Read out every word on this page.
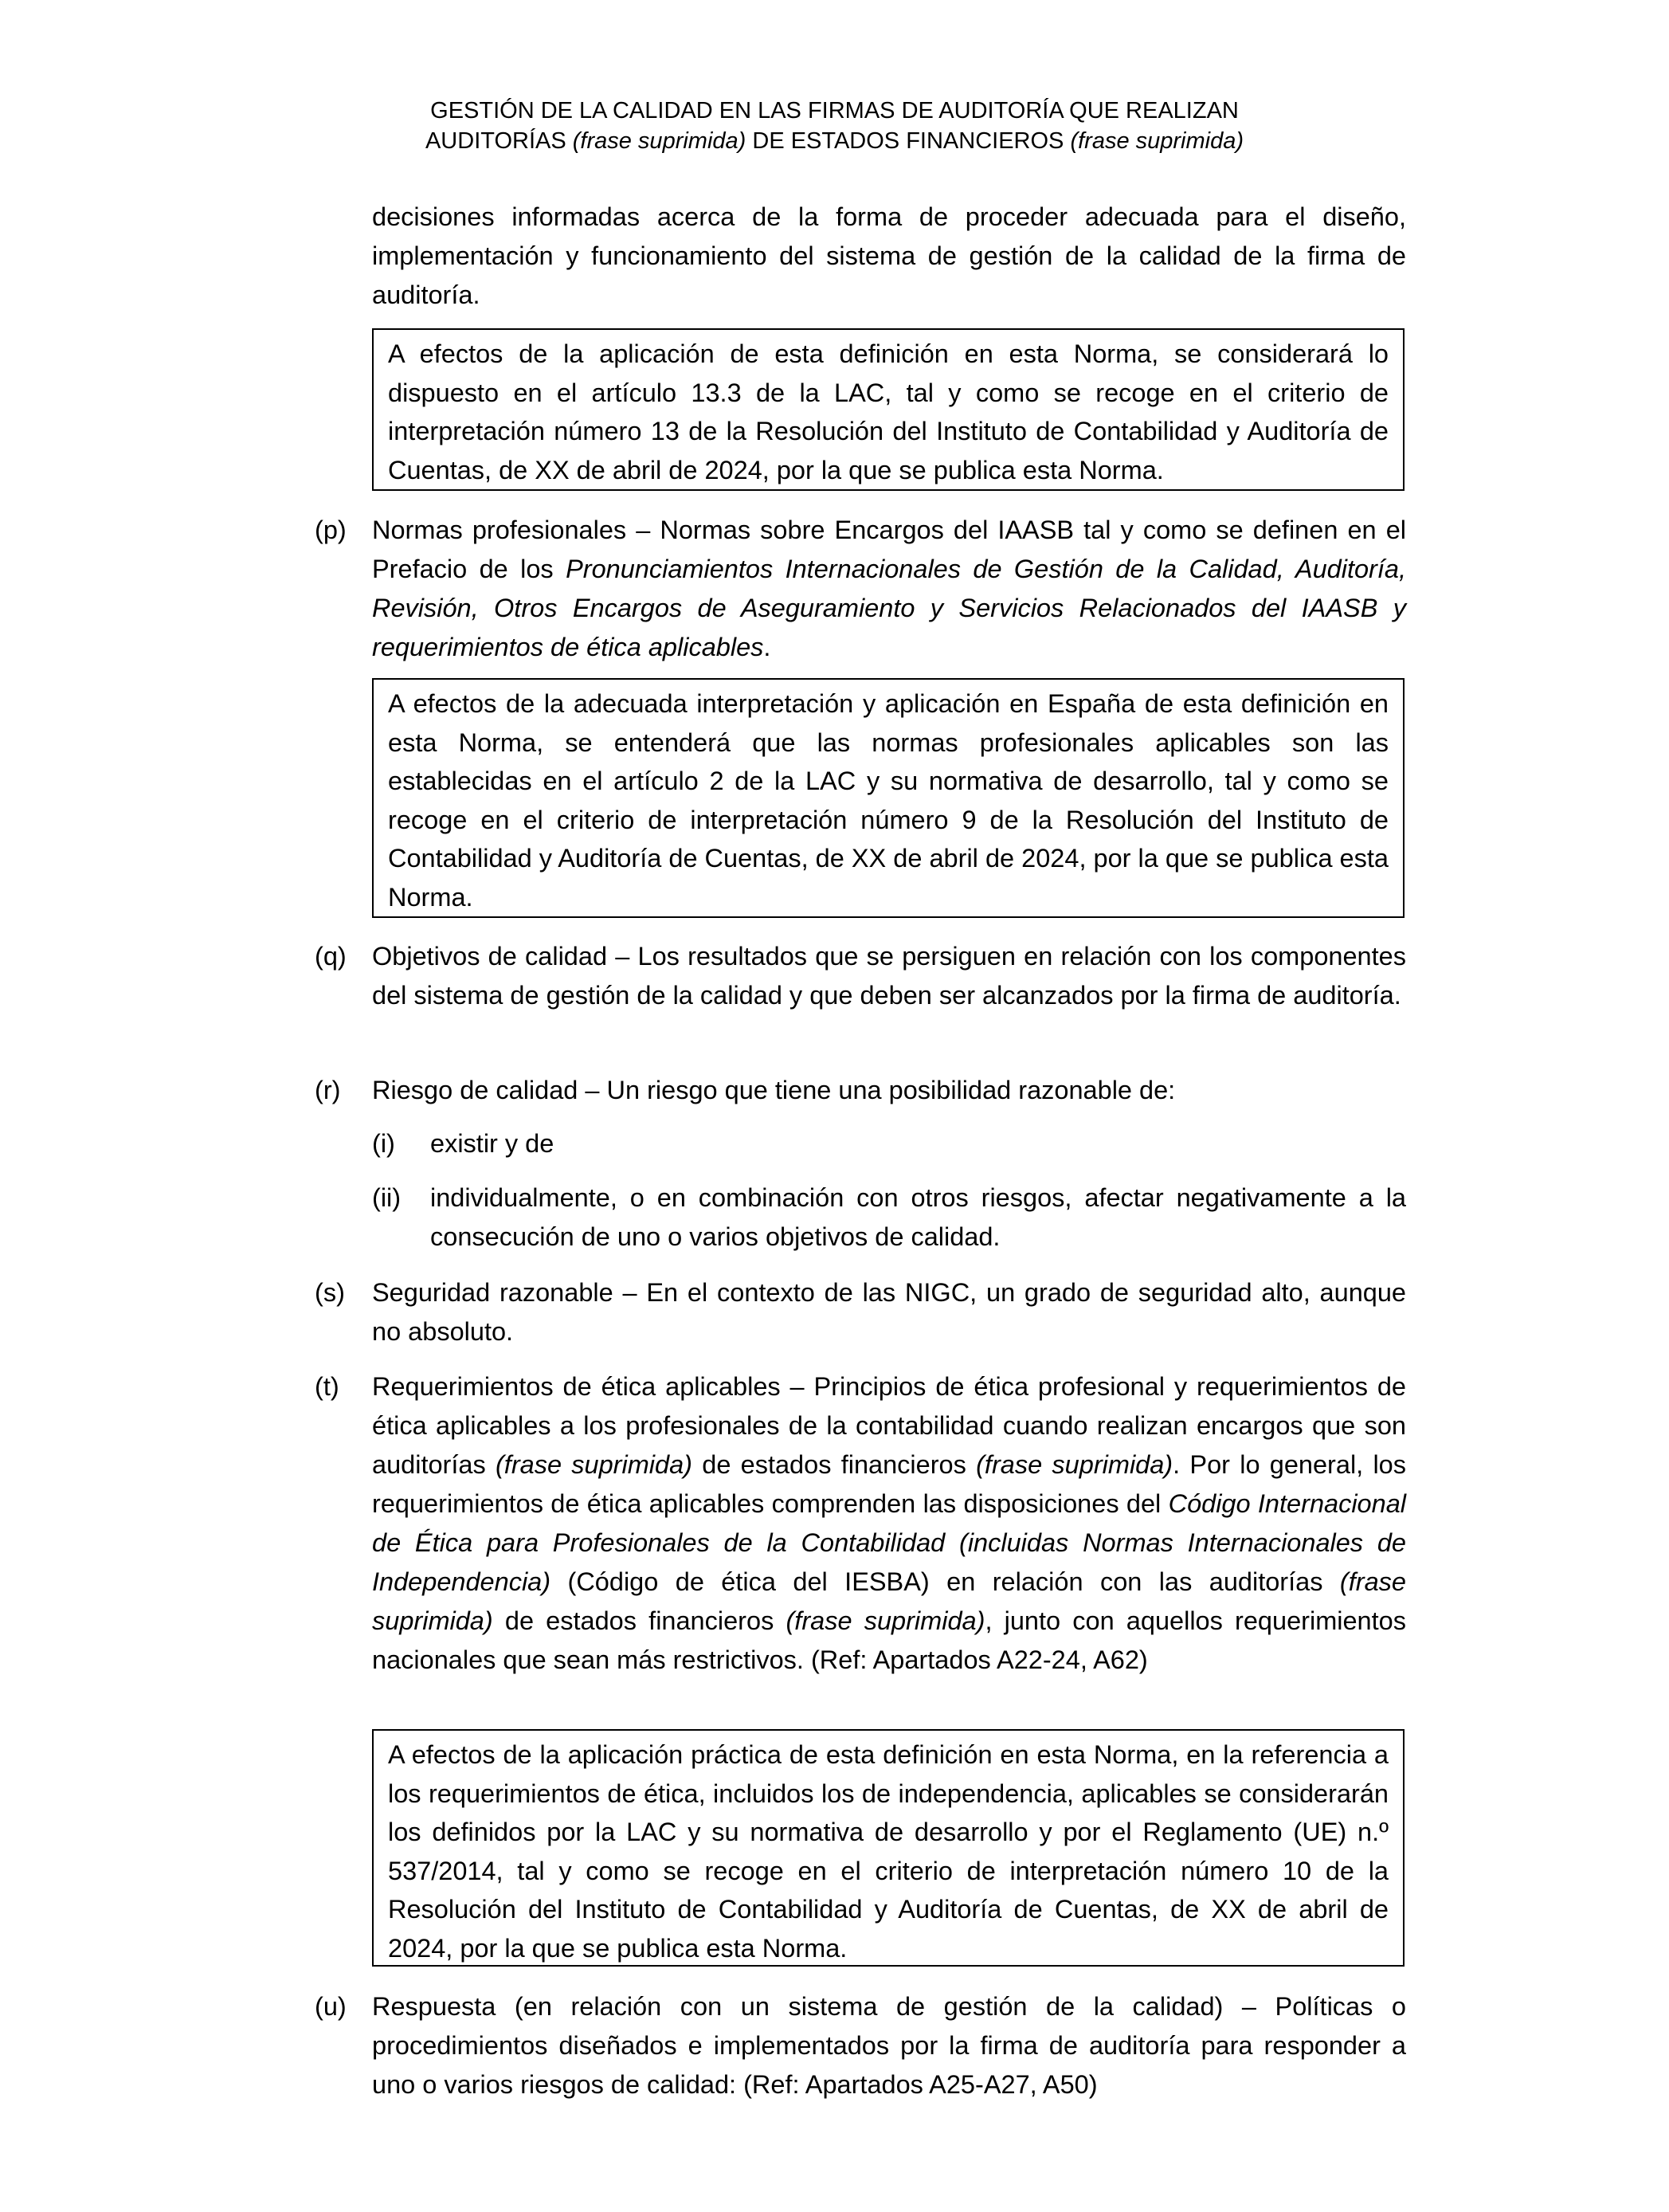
GESTIÓN DE LA CALIDAD EN LAS FIRMAS DE AUDITORÍA QUE REALIZAN
AUDITORÍAS (frase suprimida) DE ESTADOS FINANCIEROS (frase suprimida)

decisiones informadas acerca de la forma de proceder adecuada para el diseño, implementación y funcionamiento del sistema de gestión de la calidad de la firma de auditoría.

A efectos de la aplicación de esta definición en esta Norma, se considerará lo dispuesto en el artículo 13.3 de la LAC, tal y como se recoge en el criterio de interpretación número 13 de la Resolución del Instituto de Contabilidad y Auditoría de Cuentas, de XX de abril de 2024, por la que se publica esta Norma.

(p) Normas profesionales – Normas sobre Encargos del IAASB tal y como se definen en el Prefacio de los Pronunciamientos Internacionales de Gestión de la Calidad, Auditoría, Revisión, Otros Encargos de Aseguramiento y Servicios Relacionados del IAASB y requerimientos de ética aplicables.

A efectos de la adecuada interpretación y aplicación en España de esta definición en esta Norma, se entenderá que las normas profesionales aplicables son las establecidas en el artículo 2 de la LAC y su normativa de desarrollo, tal y como se recoge en el criterio de interpretación número 9 de la Resolución del Instituto de Contabilidad y Auditoría de Cuentas, de XX de abril de 2024, por la que se publica esta Norma.

(q) Objetivos de calidad – Los resultados que se persiguen en relación con los componentes del sistema de gestión de la calidad y que deben ser alcanzados por la firma de auditoría.

(r) Riesgo de calidad – Un riesgo que tiene una posibilidad razonable de:

(i) existir y de

(ii) individualmente, o en combinación con otros riesgos, afectar negativamente a la consecución de uno o varios objetivos de calidad.

(s) Seguridad razonable – En el contexto de las NIGC, un grado de seguridad alto, aunque no absoluto.

(t) Requerimientos de ética aplicables – Principios de ética profesional y requerimientos de ética aplicables a los profesionales de la contabilidad cuando realizan encargos que son auditorías (frase suprimida) de estados financieros (frase suprimida). Por lo general, los requerimientos de ética aplicables comprenden las disposiciones del Código Internacional de Ética para Profesionales de la Contabilidad (incluidas Normas Internacionales de Independencia) (Código de ética del IESBA) en relación con las auditorías (frase suprimida) de estados financieros (frase suprimida), junto con aquellos requerimientos nacionales que sean más restrictivos. (Ref: Apartados A22-24, A62)

A efectos de la aplicación práctica de esta definición en esta Norma, en la referencia a los requerimientos de ética, incluidos los de independencia, aplicables se considerarán los definidos por la LAC y su normativa de desarrollo y por el Reglamento (UE) n.º 537/2014, tal y como se recoge en el criterio de interpretación número 10 de la Resolución del Instituto de Contabilidad y Auditoría de Cuentas, de XX de abril de 2024, por la que se publica esta Norma.

(u) Respuesta (en relación con un sistema de gestión de la calidad) – Políticas o procedimientos diseñados e implementados por la firma de auditoría para responder a uno o varios riesgos de calidad: (Ref: Apartados A25-A27, A50)
